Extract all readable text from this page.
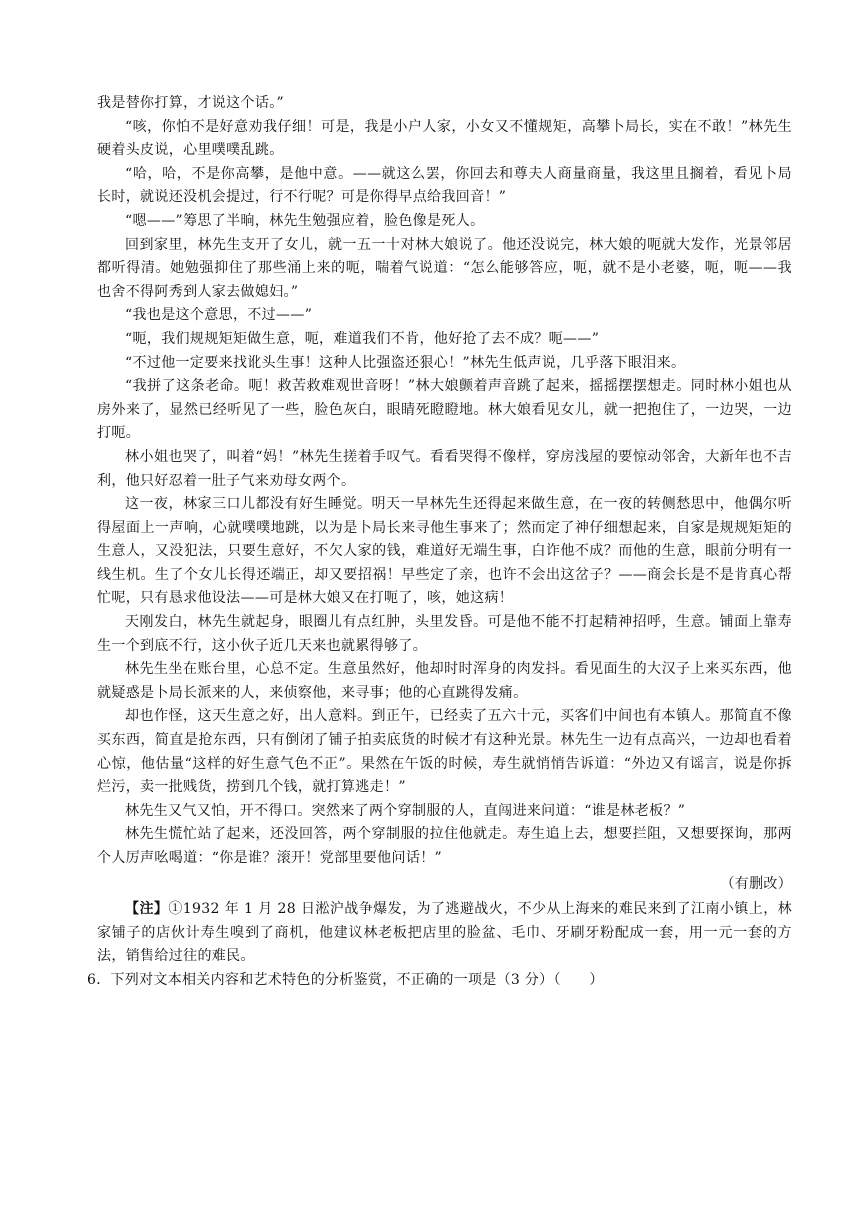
我是替你打算，才说这个话。”

“咳，你怕不是好意劝我仔细！可是，我是小户人家，小女又不懂规矩，高攀卜局长，实在不敢！”林先生硬着头皮说，心里噗噗乱跳。

“哈，哈，不是你高攀，是他中意。——就这么罢，你回去和尊夫人商量商量，我这里且搁着，看见卜局长时，就说还没机会提过，行不行呢？可是你得早点给我回音！”

“嗯——”筹思了半晌，林先生勉强应着，脸色像是死人。

回到家里，林先生支开了女儿，就一五一十对林大娘说了。他还没说完，林大娘的呃就大发作，光景邻居都听得清。她勉强抑住了那些涌上来的呃，喘着气说道：“怎么能够答应，呃，就不是小老婆，呃，呃——我也舍不得阿秀到人家去做媳妇。”

“我也是这个意思，不过——”

“呃，我们规规矩矩做生意，呃，难道我们不肯，他好抢了去不成？呃——”

“不过他一定要来找讹头生事！这种人比强盗还狠心！”林先生低声说，几乎落下眼泪来。

“我拼了这条老命。呃！救苦救难观世音呀！”林大娘颤着声音跳了起来，摇摇摆摆想走。同时林小姐也从房外来了，显然已经听见了一些，脸色灰白，眼睛死瞪瞪地。林大娘看见女儿，就一把抱住了，一边哭，一边打呃。

林小姐也哭了，叫着“妈！”林先生搓着手叹气。看看哭得不像样，穿房浅屋的要惊动邻舍，大新年也不吉利，他只好忍着一肚子气来劝母女两个。

这一夜，林家三口儿都没有好生睡觉。明天一早林先生还得起来做生意，在一夜的转侧愁思中，他偶尔听得屋面上一声响，心就噗噗地跳，以为是卜局长来寻他生事来了；然而定了神仔细想起来，自家是规规矩矩的生意人，又没犯法，只要生意好，不欠人家的钱，难道好无端生事，白诈他不成？而他的生意，眼前分明有一线生机。生了个女儿长得还端正，却又要招祸！早些定了亲，也许不会出这岔子？——商会长是不是肯真心帮忙呢，只有恳求他设法——可是林大娘又在打呃了，咳，她这病！

天刚发白，林先生就起身，眼圈儿有点红肿，头里发昏。可是他不能不打起精神招呼，生意。铺面上靠寿生一个到底不行，这小伙子近几天来也就累得够了。

林先生坐在账台里，心总不定。生意虽然好，他却时时浑身的肉发抖。看见面生的大汉子上来买东西，他就疑惑是卜局长派来的人，来侦察他，来寻事；他的心直跳得发痛。

却也作怪，这天生意之好，出人意料。到正午，已经卖了五六十元，买客们中间也有本镇人。那简直不像买东西，简直是抢东西，只有倒闭了铺子拍卖底货的时候才有这种光景。林先生一边有点高兴，一边却也看着心惊，他估量“这样的好生意气色不正”。果然在午饭的时候，寿生就悄悄告诉道：“外边又有谣言，说是你拆烂污，卖一批贱货，捞到几个钱，就打算逃走！”

林先生又气又怕，开不得口。突然来了两个穿制服的人，直闯进来问道：“谁是林老板？”

林先生慌忙站了起来，还没回答，两个穿制服的拉住他就走。寿生追上去，想要拦阻，又想要探询，那两个人厉声吆喝道：“你是谁？滚开！党部里要他问话！”

（有删改）

【注】①1932 年 1 月 28 日淞沪战争爆发，为了逃避战火，不少从上海来的难民来到了江南小镇上，林家铺子的店伙计寿生嗅到了商机，他建议林老板把店里的脸盆、毛巾、牙刷牙粉配成一套，用一元一套的方法，销售给过往的难民。

6．下列对文本相关内容和艺术特色的分析鉴赏，不正确的一项是（3 分）（　　）
